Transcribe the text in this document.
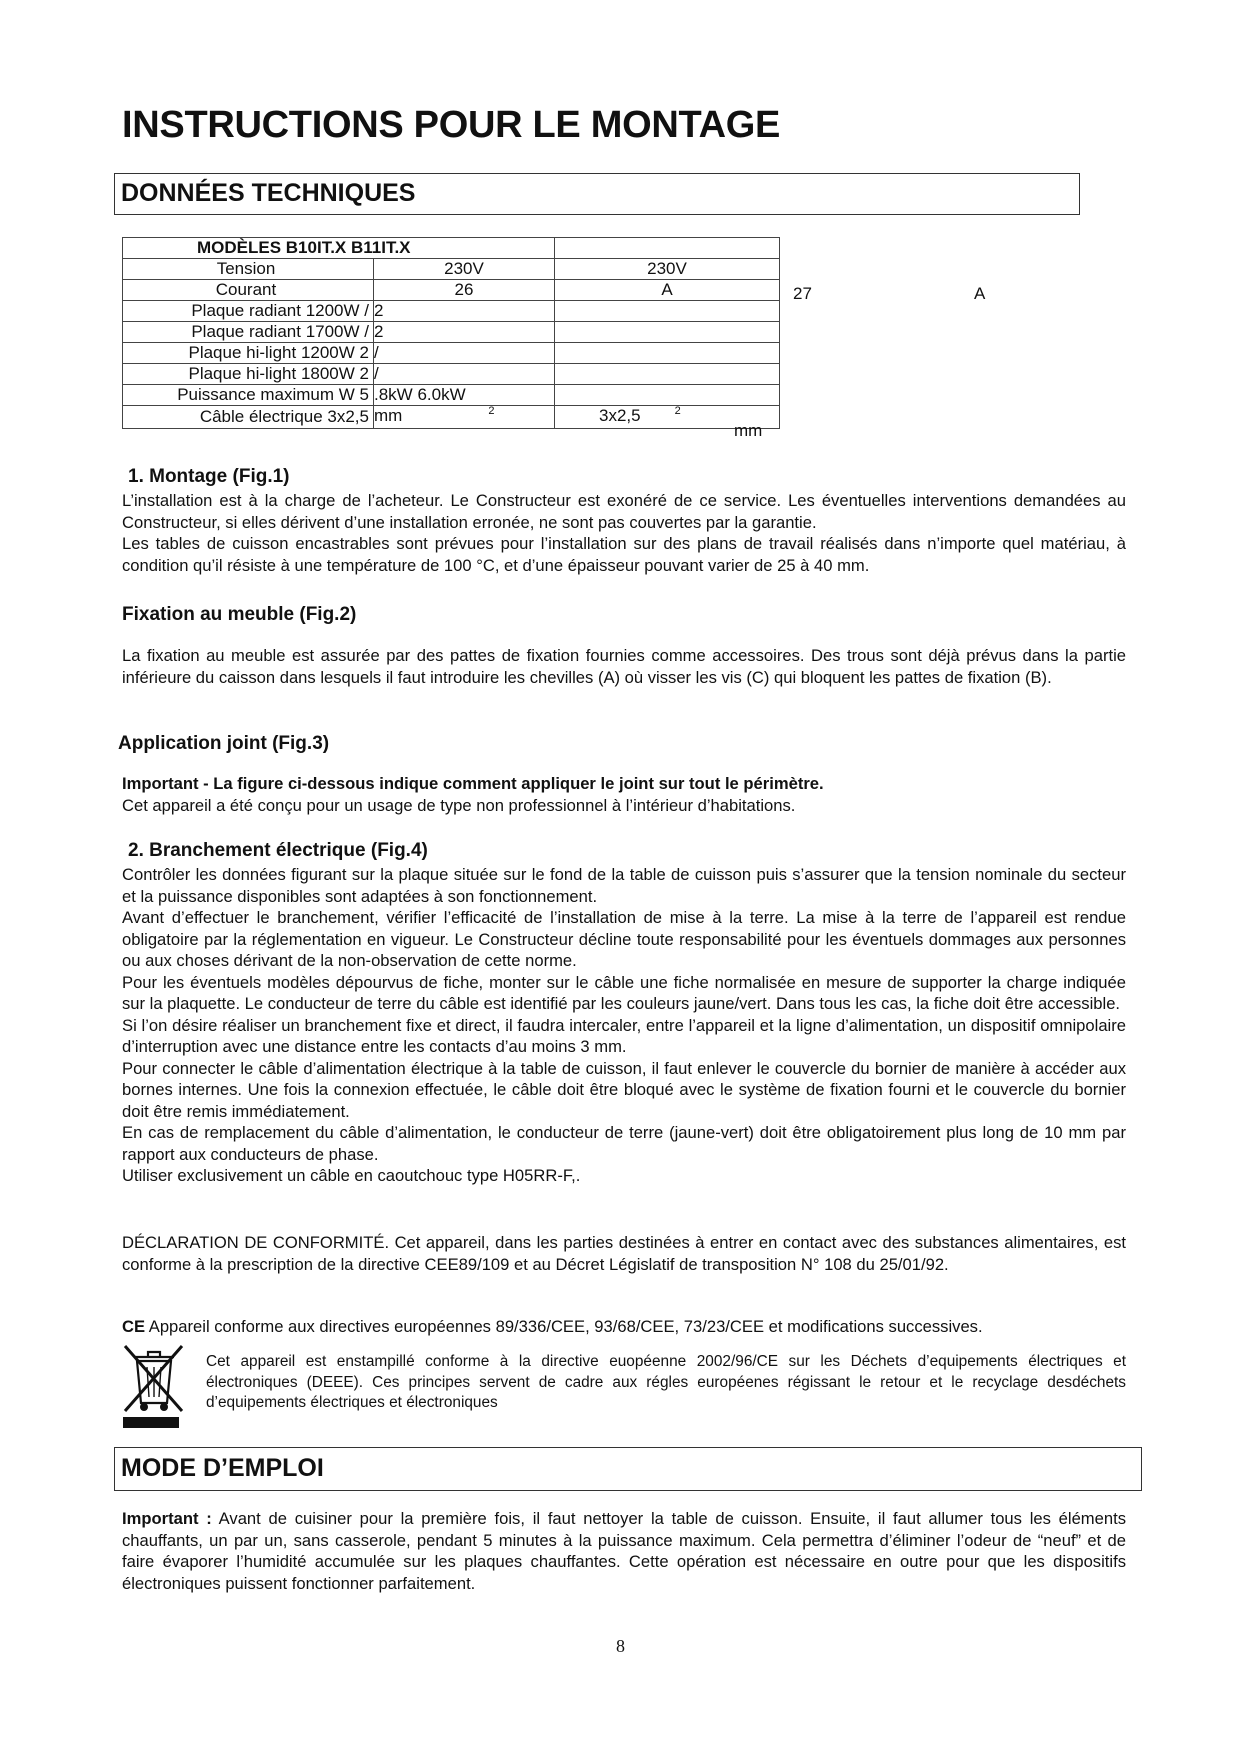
INSTRUCTIONS POUR LE MONTAGE
DONNÉES TECHNIQUES
MODÈLES B10IT.X B11IT.X		
Tension	230V	230V
Courant	26	A
Plaque radiant 1200W /	2	
Plaque radiant 1700W /	2	
Plaque hi-light 1200W 2	/	
Plaque hi-light 1800W 2	/	
Puissance maximum W 5	.8kW 6.0kW	
Câble électrique 3x2,5	mm $^2$	3x2,5 $^2$
27	A
mm
1. Montage (Fig.1)
L’installation est à la charge de l’acheteur. Le Constructeur est exonéré de ce service. Les éventuelles interventions demandées au Constructeur, si elles dérivent d’une installation erronée, ne sont pas couvertes par la garantie.
Les tables de cuisson encastrables sont prévues pour l’installation sur des plans de travail réalisés dans n’importe quel matériau, à condition qu’il résiste à une température de 100 °C, et d’une épaisseur pouvant varier de 25 à 40 mm.
Fixation au meuble (Fig.2)
La fixation au meuble est assurée par des pattes de fixation fournies comme accessoires. Des trous sont déjà prévus dans la partie inférieure du caisson dans lesquels il faut introduire les chevilles (A) où visser les vis (C) qui bloquent les pattes de fixation (B).
Application joint (Fig.3)
Important - La figure ci-dessous indique comment appliquer le joint sur tout le périmètre.
Cet appareil a été conçu pour un usage de type non professionnel à l’intérieur d’habitations.
2. Branchement électrique (Fig.4)
Contrôler les données figurant sur la plaque située sur le fond de la table de cuisson puis s’assurer que la tension nominale du secteur et la puissance disponibles sont adaptées à son fonctionnement.
Avant d’effectuer le branchement, vérifier l’efficacité de l’installation de mise à la terre. La mise à la terre de l’appareil est rendue obligatoire par la réglementation en vigueur. Le Constructeur décline toute responsabilité pour les éventuels dommages aux personnes ou aux choses dérivant de la non-observation de cette norme.
Pour les éventuels modèles dépourvus de fiche, monter sur le câble une fiche normalisée en mesure de supporter la charge indiquée sur la plaquette. Le conducteur de terre du câble est identifié par les couleurs jaune/vert. Dans tous les cas, la fiche doit être accessible.
Si l’on désire réaliser un branchement fixe et direct, il faudra intercaler, entre l’appareil et la ligne d’alimentation, un dispositif omnipolaire d’interruption avec une distance entre les contacts d’au moins 3 mm.
Pour connecter le câble d’alimentation électrique à la table de cuisson, il faut enlever le couvercle du bornier de manière à accéder aux bornes internes. Une fois la connexion effectuée, le câble doit être bloqué avec le système de fixation fourni et le couvercle du bornier doit être remis immédiatement.
En cas de remplacement du câble d’alimentation, le conducteur de terre (jaune-vert) doit être obligatoirement plus long de 10 mm par rapport aux conducteurs de phase.
Utiliser exclusivement un câble en caoutchouc type H05RR-F,.
DÉCLARATION DE CONFORMITÉ. Cet appareil, dans les parties destinées à entrer en contact avec des substances alimentaires, est conforme à la prescription de la directive CEE89/109 et au Décret Législatif de transposition N° 108 du 25/01/92.
CE Appareil conforme aux directives européennes 89/336/CEE, 93/68/CEE, 73/23/CEE et modifications successives.
Cet appareil est enstampillé conforme à la directive euopéenne 2002/96/CE sur les Déchets d’equipements électriques et électroniques (DEEE). Ces principes servent de cadre aux régles européenes régissant le retour et le recyclage desdéchets d’equipements électriques et électroniques
MODE D’EMPLOI
Important : Avant de cuisiner pour la première fois, il faut nettoyer la table de cuisson. Ensuite, il faut allumer tous les éléments chauffants, un par un, sans casserole, pendant 5 minutes à la puissance maximum. Cela permettra d’éliminer l’odeur de “neuf” et de faire évaporer l’humidité accumulée sur les plaques chauffantes. Cette opération est nécessaire en outre pour que les dispositifs électroniques puissent fonctionner parfaitement.
8
